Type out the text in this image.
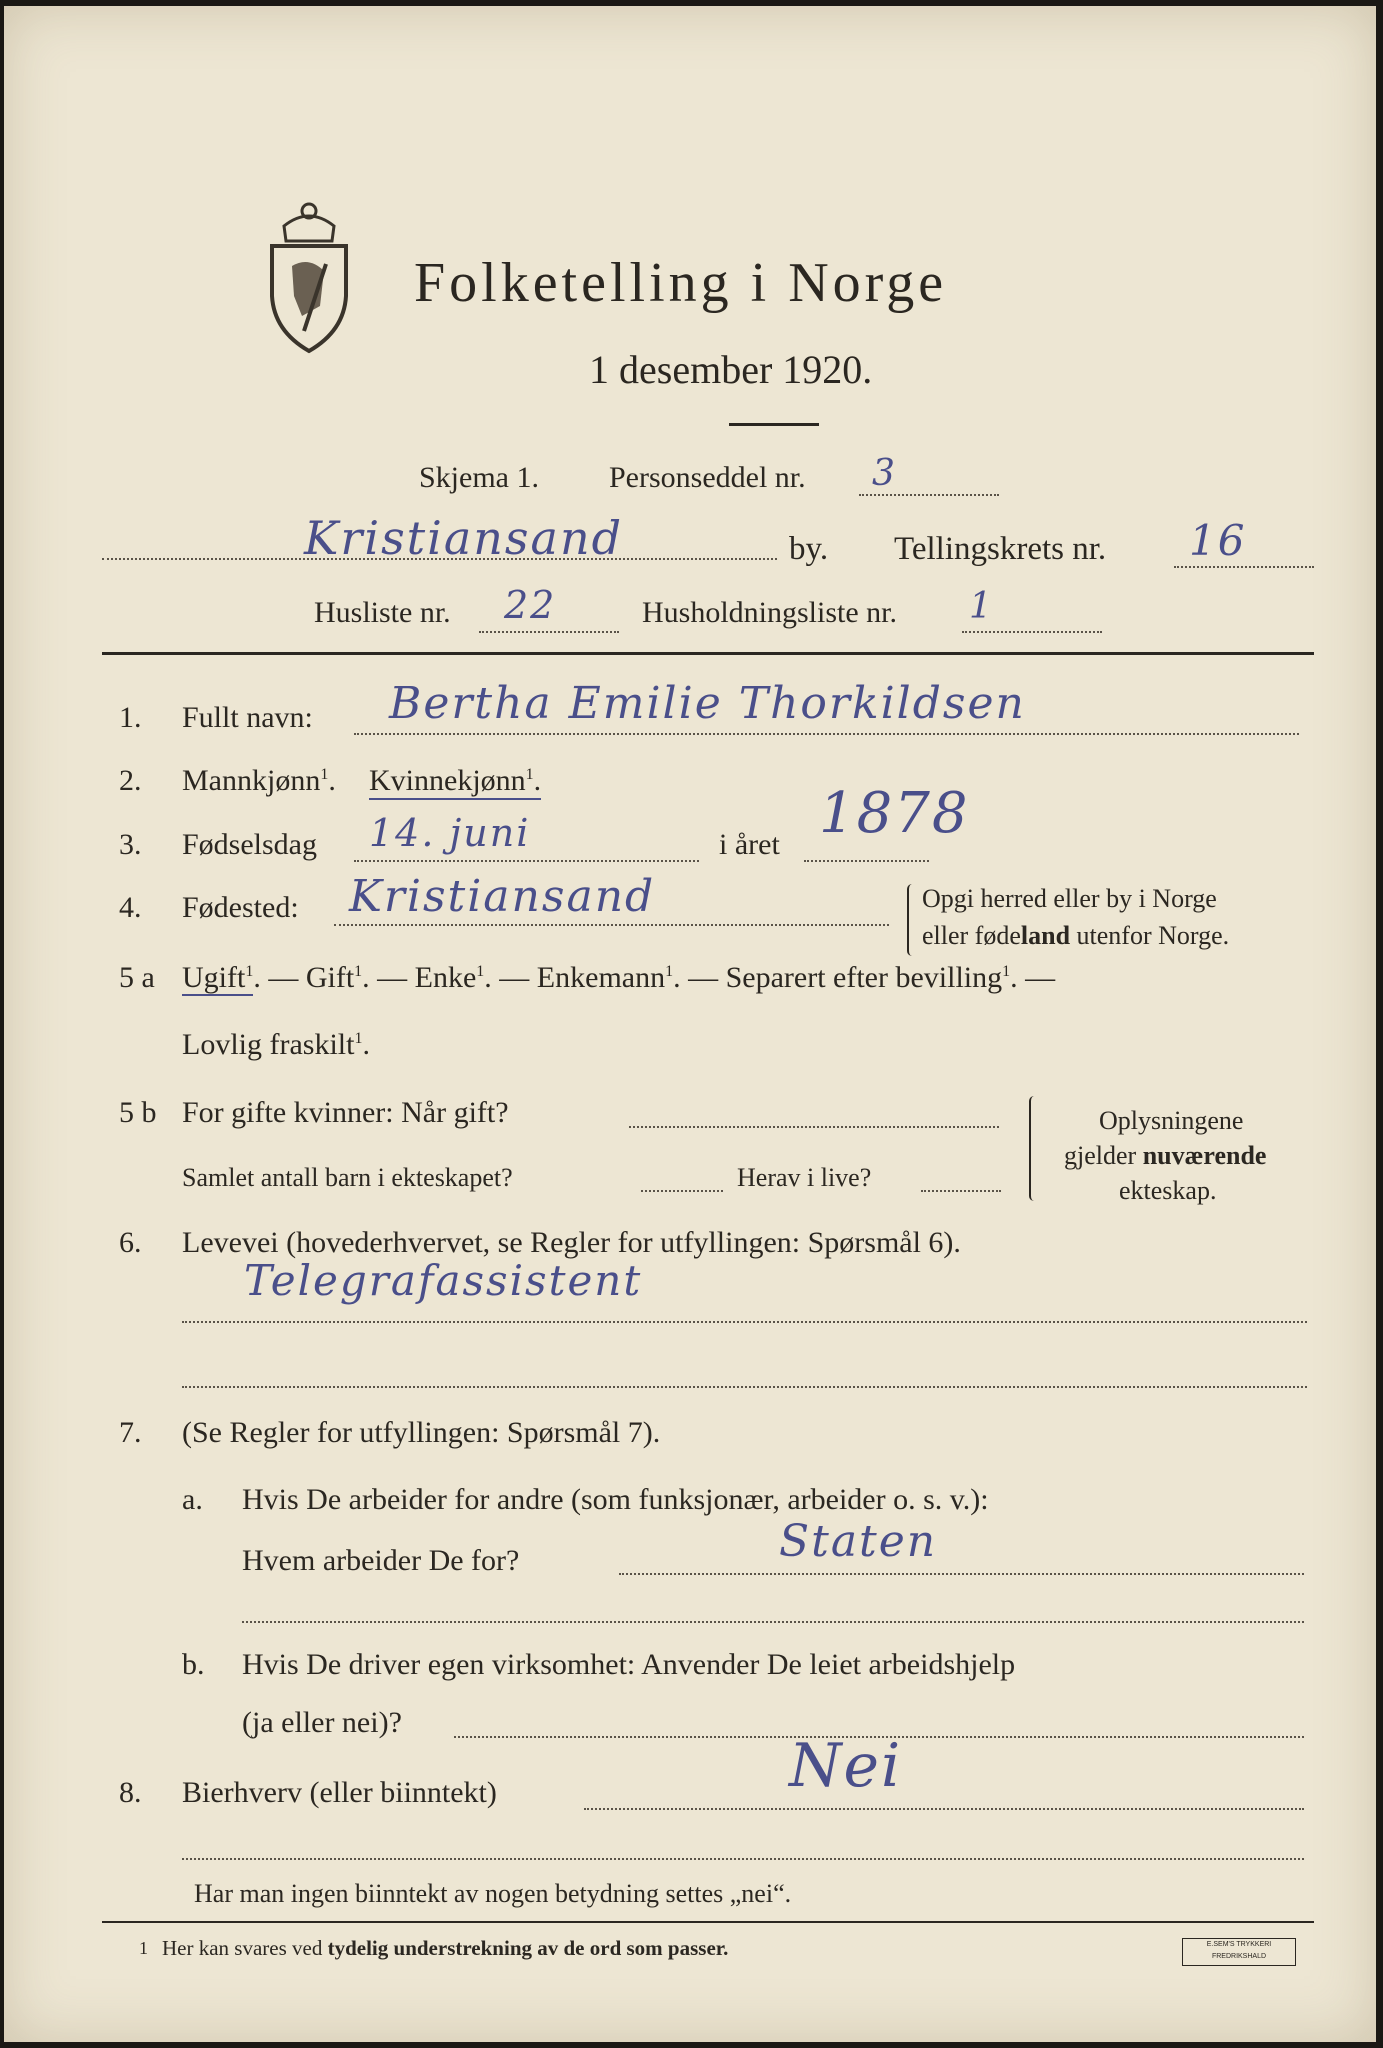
Folketelling i Norge
1 desember 1920.
Skjema 1. Personseddel nr. 3
Kristiansand	by. Tellingskrets nr. 16
Husliste nr. 22	Husholdningsliste nr. 1
1. Fullt navn: Bertha Emilie Thorkildsen
2. Mannkjønn$^1$. Kvinnekjønn$^1$.
3. Fødselsdag 14. juni	i året 1878
4. Fødested: Kristiansand	Opgi herred eller by i Norge
eller fødeland utenfor Norge.
5 a Ugift$^1$. — Gift$^1$. — Enke$^1$. — Enkemann$^1$. — Separert efter bevilling$^1$. —
Lovlig fraskilt$^1$.
5 b For gifte kvinner: Når gift?
Samlet antall barn i ekteskapet?	Herav i live?
Oplysningene
gjelder nuværende
ekteskap.
6. Levevei (hovederhvervet, se Regler for utfyllingen: Spørsmål 6).
Telegrafassistent
7. (Se Regler for utfyllingen: Spørsmål 7).
a. Hvis De arbeider for andre (som funksjonær, arbeider o. s. v.):
Hvem arbeider De for?	Staten
b. Hvis De driver egen virksomhet: Anvender De leiet arbeidshjelp
(ja eller nei)?
8. Bierhverv (eller biinntekt)	Nei
Har man ingen biinntekt av nogen betydning settes „nei“.
1 Her kan svares ved tydelig understrekning av de ord som passer.	E.SEM'S TRYKKERI FREDRIKSHALD
